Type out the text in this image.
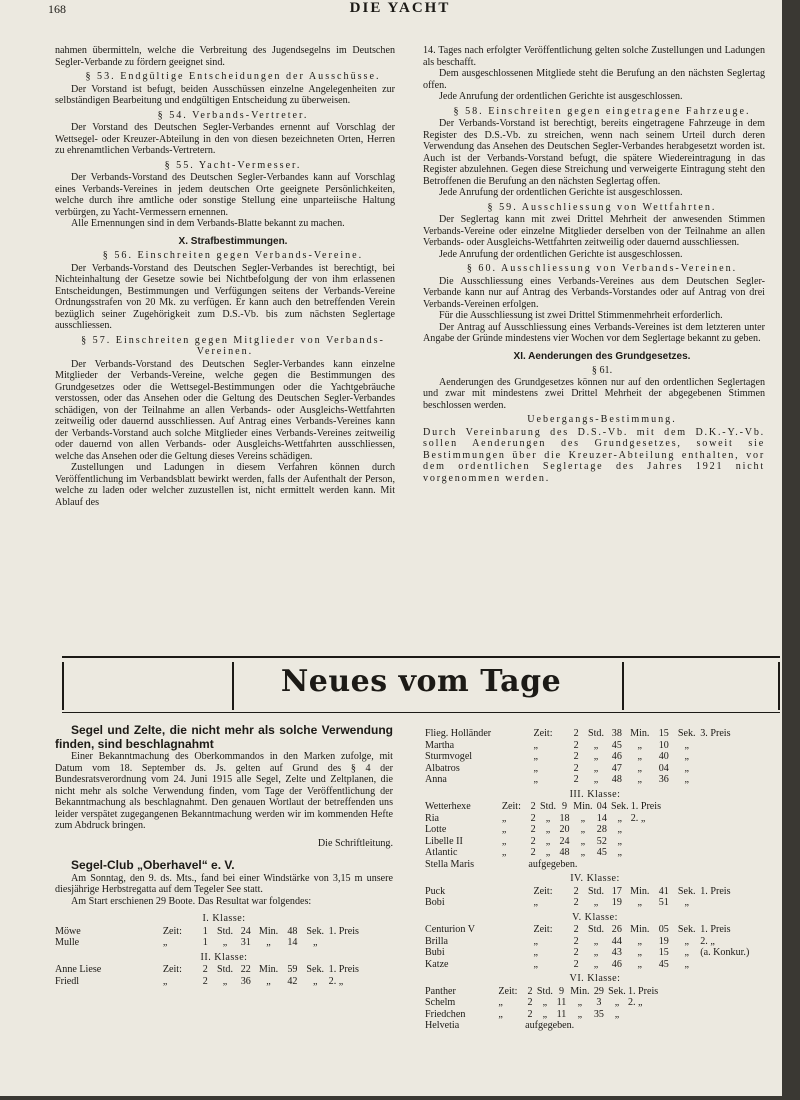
168	DIE YACHT

nahmen übermitteln, welche die Verbreitung des Jugendsegelns im Deutschen Segler-Verbande zu fördern geeignet sind.

§ 53. Endgültige Entscheidungen der Ausschüsse.

Der Vorstand ist befugt, beiden Ausschüssen einzelne Angelegenheiten zur selbständigen Bearbeitung und endgültigen Entscheidung zu überweisen.

§ 54. Verbands-Vertreter.

Der Vorstand des Deutschen Segler-Verbandes ernennt auf Vorschlag der Wettsegel- oder Kreuzer-Abteilung in den von diesen bezeichneten Orten, Herren zu ehrenamtlichen Verbands-Vertretern.

§ 55. Yacht-Vermesser.

Der Verbands-Vorstand des Deutschen Segler-Verbandes kann auf Vorschlag eines Verbands-Vereines in jedem deutschen Orte geeignete Persönlichkeiten, welche durch ihre amtliche oder sonstige Stellung eine unparteiische Haltung verbürgen, zu Yacht-Vermessern ernennen.

Alle Ernennungen sind in dem Verbands-Blatte bekannt zu machen.

X. Strafbestimmungen.

§ 56. Einschreiten gegen Verbands-Vereine.

Der Verbands-Vorstand des Deutschen Segler-Verbandes ist berechtigt, bei Nichteinhaltung der Gesetze sowie bei Nichtbefolgung der von ihm erlassenen Entscheidungen, Bestimmungen und Verfügungen seitens der Verbands-Vereine Ordnungsstrafen von 20 Mk. zu verfügen. Er kann auch den betreffenden Verein bezüglich seiner Zugehörigkeit zum D.S.-Vb. bis zum nächsten Seglertage ausschliessen.

§ 57. Einschreiten gegen Mitglieder von Verbands-Vereinen.

Der Verbands-Vorstand des Deutschen Segler-Verbandes kann einzelne Mitglieder der Verbands-Vereine, welche gegen die Bestimmungen des Grundgesetzes oder die Wettsegel-Bestimmungen oder die Yachtgebräuche verstossen, oder das Ansehen oder die Geltung des Deutschen Segler-Verbandes schädigen, von der Teilnahme an allen Verbands- oder Ausgleichs-Wettfahrten zeitweilig oder dauernd ausschliessen. Auf Antrag eines Verbands-Vereines kann der Verbands-Vorstand auch solche Mitglieder eines Verbands-Vereines zeitweilig oder dauernd von allen Verbands- oder Ausgleichs-Wettfahrten ausschliessen, welche das Ansehen oder die Geltung dieses Vereins schädigen.

Zustellungen und Ladungen in diesem Verfahren können durch Veröffentlichung im Verbandsblatt bewirkt werden, falls der Aufenthalt der Person, welche zu laden oder welcher zuzustellen ist, nicht ermittelt werden kann. Mit Ablauf des

14. Tages nach erfolgter Veröffentlichung gelten solche Zustellungen und Ladungen als beschafft.

Dem ausgeschlossenen Mitgliede steht die Berufung an den nächsten Seglertag offen.

Jede Anrufung der ordentlichen Gerichte ist ausgeschlossen.

§ 58. Einschreiten gegen eingetragene Fahrzeuge.

Der Verbands-Vorstand ist berechtigt, bereits eingetragene Fahrzeuge in dem Register des D.S.-Vb. zu streichen, wenn nach seinem Urteil durch deren Verwendung das Ansehen des Deutschen Segler-Verbandes herabgesetzt worden ist. Auch ist der Verbands-Vorstand befugt, die spätere Wiedereintragung in das Register abzulehnen. Gegen diese Streichung und verweigerte Eintragung steht den Betroffenen die Berufung an den nächsten Seglertag offen.

Jede Anrufung der ordentlichen Gerichte ist ausgeschlossen.

§ 59. Ausschliessung von Wettfahrten.

Der Seglertag kann mit zwei Drittel Mehrheit der anwesenden Stimmen Verbands-Vereine oder einzelne Mitglieder derselben von der Teilnahme an allen Verbands- oder Ausgleichs-Wettfahrten zeitweilig oder dauernd ausschliessen.

Jede Anrufung der ordentlichen Gerichte ist ausgeschlossen.

§ 60. Ausschliessung von Verbands-Vereinen.

Die Ausschliessung eines Verbands-Vereines aus dem Deutschen Segler-Verbande kann nur auf Antrag des Verbands-Vorstandes oder auf Antrag von drei Verbands-Vereinen erfolgen.

Für die Ausschliessung ist zwei Drittel Stimmenmehrheit erforderlich.

Der Antrag auf Ausschliessung eines Verbands-Vereines ist dem letzteren unter Angabe der Gründe mindestens vier Wochen vor dem Seglertage bekannt zu geben.

XI. Aenderungen des Grundgesetzes.

§ 61.

Aenderungen des Grundgesetzes können nur auf den ordentlichen Seglertagen und zwar mit mindestens zwei Drittel Mehrheit der abgegebenen Stimmen beschlossen werden.

Uebergangs-Bestimmung.

Durch Vereinbarung des D.S.-Vb. mit dem D.K.-Y.-Vb. sollen Aenderungen des Grundgesetzes, soweit sie Bestimmungen über die Kreuzer-Abteilung enthalten, vor dem ordentlichen Seglertage des Jahres 1921 nicht vorgenommen werden.

Neues vom Tage

Segel und Zelte, die nicht mehr als solche Verwendung finden, sind beschlagnahmt

Einer Bekanntmachung des Oberkommandos in den Marken zufolge, mit Datum vom 18. September ds. Js. gelten auf Grund des § 4 der Bundesratsverordnung vom 24. Juni 1915 alle Segel, Zelte und Zeltplanen, die nicht mehr als solche Verwendung finden, vom Tage der Veröffentlichung der Bekanntmachung als beschlagnahmt. Den genauen Wortlaut der betreffenden uns leider verspätet zugegangenen Bekanntmachung werden wir im kommenden Hefte zum Abdruck bringen.

Die Schriftleitung.

Segel-Club „Oberhavel“ e. V.

Am Sonntag, den 9. ds. Mts., fand bei einer Windstärke von 3,15 m unsere diesjährige Herbstregatta auf dem Tegeler See statt.

Am Start erschienen 29 Boote. Das Resultat war folgendes:

I. Klasse:
Möwe	Zeit:	1	Std.	24	Min.	48	Sek.	1. Preis
Mulle	„	1	„	31	„	14	„	
II. Klasse:
Anne Liese	Zeit:	2	Std.	22	Min.	59	Sek.	1. Preis
Friedl	„	2	„	36	„	42	„	2. „
Flieg. Holländer	Zeit:	2	Std.	38	Min.	15	Sek.	3. Preis
Martha	„	2	„	45	„	10	„	
Sturmvogel	„	2	„	46	„	40	„	
Albatros	„	2	„	47	„	04	„	
Anna	„	2	„	48	„	36	„	
III. Klasse:
Wetterhexe	Zeit:	2	Std.	9	Min.	04	Sek.	1. Preis						
Ria	„	2	„	18	„	14	„	2. „						
Lotte	„	2	„	20	„	28	„							
Libelle II	„	2	„	24	„	52	„							
Atlantic	„	2	„	48	„	45	„							
Stella Maris		aufgegeben.												
IV. Klasse:
Puck	Zeit:	2	Std.	17	Min.	41	Sek.	1. Preis
Bobi	„	2	„	19	„	51	„	
V. Klasse:
Centurion V	Zeit:	2	Std.	26	Min.	05	Sek.	1. Preis
Brilla	„	2	„	44	„	19	„	2. „
Bubi	„	2	„	43	„	15	„	(a. Konkur.)
Katze	„	2	„	46	„	45	„	
VI. Klasse:
Panther	Zeit:	2	Std.	9	Min.	29	Sek.	1. Preis						
Schelm	„	2	„	11	„	3	„	2. „						
Friedchen	„	2	„	11	„	35	„							
Helvetia		aufgegeben.												
